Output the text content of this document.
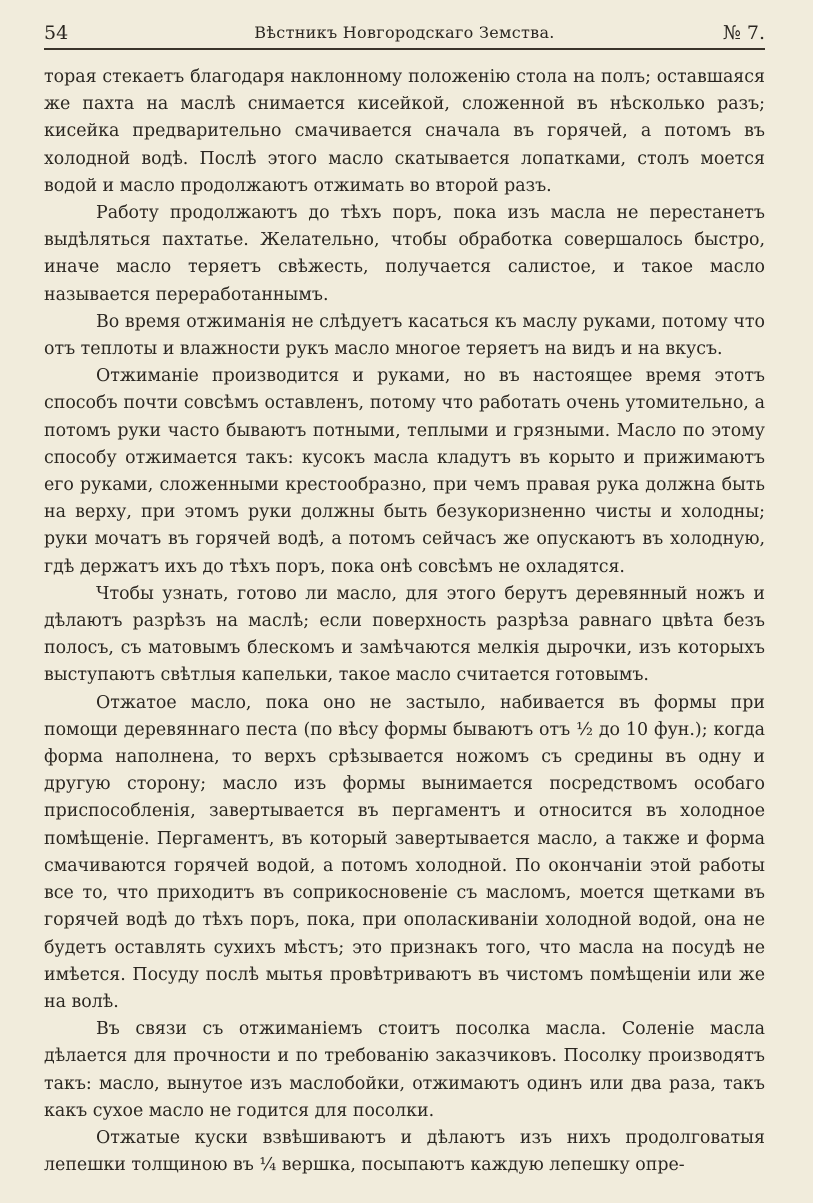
54	Вѣстникъ Новгородскаго Земства.	№ 7.

торая стекаетъ благодаря наклонному положенію стола на полъ; оставшаяся же пахта на маслѣ снимается кисейкой, сложенной въ нѣсколько разъ; кисейка предварительно смачивается сначала въ горячей, а потомъ въ холодной водѣ. Послѣ этого масло скатывается лопатками, столъ моется водой и масло продолжаютъ отжимать во второй разъ.

Работу продолжаютъ до тѣхъ поръ, пока изъ масла не перестанетъ выдѣляться пахтатье. Желательно, чтобы обработка совершалось быстро, иначе масло теряетъ свѣжесть, получается салистое, и такое масло называется переработаннымъ.

Во время отжиманія не слѣдуетъ касаться къ маслу руками, потому что отъ теплоты и влажности рукъ масло многое теряетъ на видъ и на вкусъ.

Отжиманіе производится и руками, но въ настоящее время этотъ способъ почти совсѣмъ оставленъ, потому что работать очень утомительно, а потомъ руки часто бываютъ потными, теплыми и грязными. Масло по этому способу отжимается такъ: кусокъ масла кладутъ въ корыто и прижимаютъ его руками, сложенными крестообразно, при чемъ правая рука должна быть на верху, при этомъ руки должны быть безукоризненно чисты и холодны; руки мочатъ въ горячей водѣ, а потомъ сейчасъ же опускаютъ въ холодную, гдѣ держатъ ихъ до тѣхъ поръ, пока онѣ совсѣмъ не охладятся.

Чтобы узнать, готово ли масло, для этого берутъ деревянный ножъ и дѣлаютъ разрѣзъ на маслѣ; если поверхность разрѣза равнаго цвѣта безъ полосъ, съ матовымъ блескомъ и замѣчаются мелкія дырочки, изъ которыхъ выступаютъ свѣтлыя капельки, такое масло считается готовымъ.

Отжатое масло, пока оно не застыло, набивается въ формы при помощи деревяннаго песта (по вѣсу формы бываютъ отъ ½ до 10 фун.); когда форма наполнена, то верхъ срѣзывается ножомъ съ средины въ одну и другую сторону; масло изъ формы вынимается посредствомъ особаго приспособленія, завертывается въ пергаментъ и относится въ холодное помѣщеніе. Пергаментъ, въ который завертывается масло, а также и форма смачиваются горячей водой, а потомъ холодной. По окончаніи этой работы все то, что приходитъ въ соприкосновеніе съ масломъ, моется щетками въ горячей водѣ до тѣхъ поръ, пока, при ополаскиваніи холодной водой, она не будетъ оставлять сухихъ мѣстъ; это признакъ того, что масла на посудѣ не имѣется. Посуду послѣ мытья провѣтриваютъ въ чистомъ помѣщеніи или же на волѣ.

Въ связи съ отжиманіемъ стоитъ посолка масла. Соленіе масла дѣлается для прочности и по требованію заказчиковъ. Посолку производятъ такъ: масло, вынутое изъ маслобойки, отжимаютъ одинъ или два раза, такъ какъ сухое масло не годится для посолки.

Отжатые куски взвѣшиваютъ и дѣлаютъ изъ нихъ продолговатыя лепешки толщиною въ ¼ вершка, посыпаютъ каждую лепешку опре-
